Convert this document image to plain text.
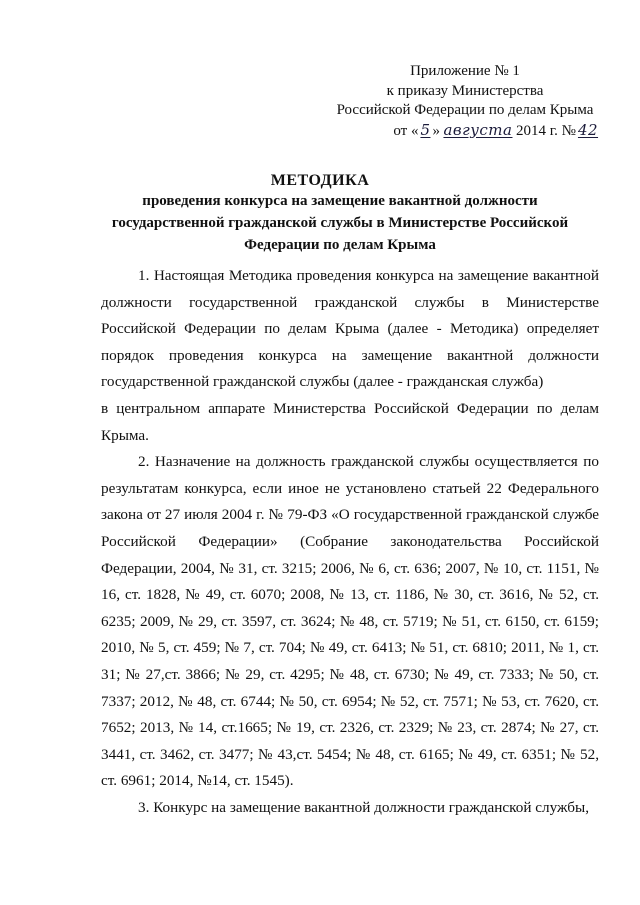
Приложение № 1
к приказу Министерства
Российской Федерации по делам Крыма
от « 5 » августа 2014 г. № 42
МЕТОДИКА
проведения конкурса на замещение вакантной должности государственной гражданской службы в Министерстве Российской Федерации по делам Крыма

1. Настоящая Методика проведения конкурса на замещение вакантной должности государственной гражданской службы в Министерстве Российской Федерации по делам Крыма (далее - Методика) определяет порядок проведения конкурса на замещение вакантной должности государственной гражданской службы (далее - гражданская служба)

в центральном аппарате Министерства Российской Федерации по делам Крыма.

2. Назначение на должность гражданской службы осуществляется по результатам конкурса, если иное не установлено статьей 22 Федерального закона от 27 июля 2004 г. № 79-ФЗ «О государственной гражданской службе Российской Федерации» (Собрание законодательства Российской Федерации, 2004, № 31, ст. 3215; 2006, № 6, ст. 636; 2007, № 10, ст. 1151, № 16, ст. 1828, № 49, ст. 6070; 2008, № 13, ст. 1186, № 30, ст. 3616, № 52, ст. 6235; 2009, № 29, ст. 3597, ст. 3624; № 48, ст. 5719; № 51, ст. 6150, ст. 6159; 2010, № 5, ст. 459; № 7, ст. 704; № 49, ст. 6413; № 51, ст. 6810; 2011, № 1, ст. 31; № 27,ст. 3866; № 29, ст. 4295; № 48, ст. 6730; № 49, ст. 7333; № 50, ст. 7337; 2012, № 48, ст. 6744; № 50, ст. 6954; № 52, ст. 7571; № 53, ст. 7620, ст. 7652; 2013, № 14, ст.1665; № 19, ст. 2326, ст. 2329; № 23, ст. 2874; № 27, ст. 3441, ст. 3462, ст. 3477; № 43,ст. 5454; № 48, ст. 6165; № 49, ст. 6351; № 52, ст. 6961; 2014, №14, ст. 1545).

3. Конкурс на замещение вакантной должности гражданской службы,
